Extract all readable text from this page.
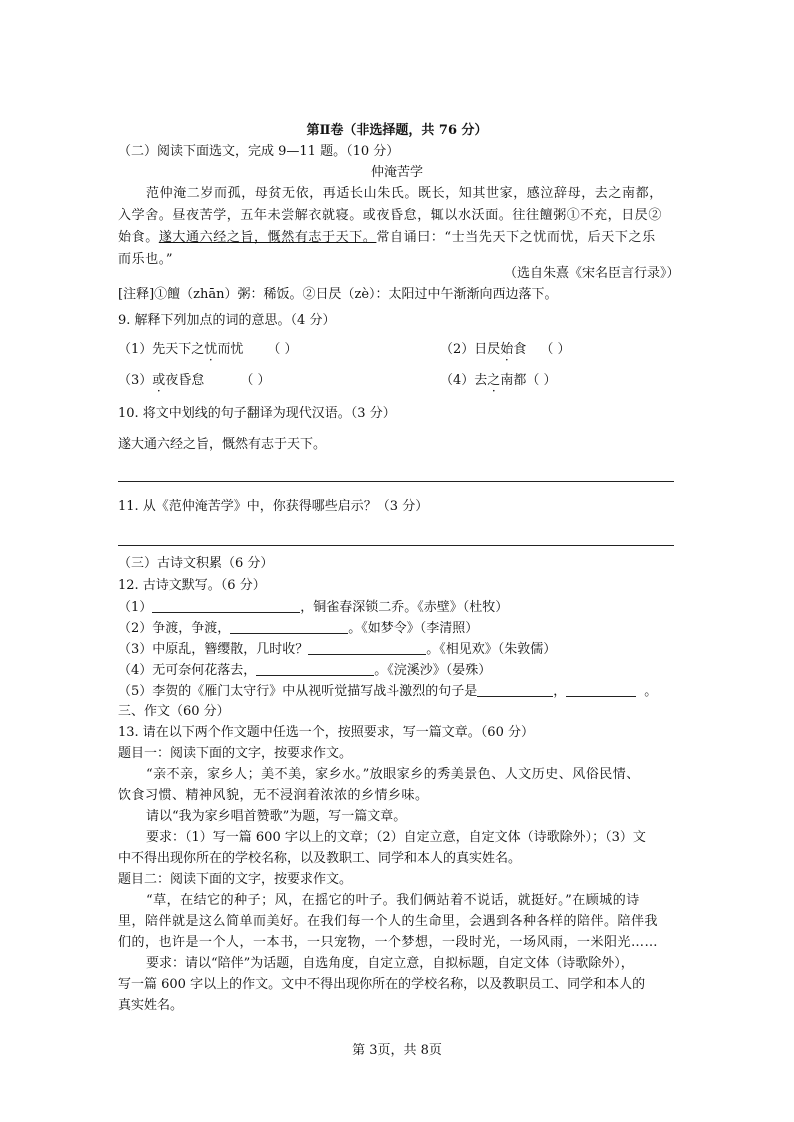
第Ⅱ卷（非选择题，共 76 分）
（二）阅读下面选文，完成 9—11 题。（10 分）
仲淹苦学
范仲淹二岁而孤，母贫无依，再适长山朱氏。既长，知其世家，感泣辞母，去之南都，
入学舍。昼夜苦学，五年未尝解衣就寝。或夜昏怠，辄以水沃面。往往饘粥①不充，日昃②
始食。遂大通六经之旨，慨然有志于天下。常自诵曰：“士当先天下之忧而忧，后天下之乐
而乐也。”
（选自朱熹《宋名臣言行录》）
[注释]①饘（zhān）粥：稀饭。②日昃（zè）：太阳过中午渐渐向西边落下。
9. 解释下列加点的词的意思。（4 分）
（1）先天下之忧而忧 （ ）	（2）日昃始食 （ ）
（3）或夜昏怠	（ ）	（4）去之南都（ ）
10. 将文中划线的句子翻译为现代汉语。（3 分）
遂大通六经之旨，慨然有志于天下。
11. 从《范仲淹苦学》中，你获得哪些启示？（3 分）
（三）古诗文积累（6 分）
12. 古诗文默写。（6 分）
（1）	，铜雀春深锁二乔。《赤壁》（杜牧）
（2）争渡，争渡，	。《如梦令》（李清照）
（3）中原乱，簪缨散，几时收？	。《相见欢》（朱敦儒）
（4）无可奈何花落去，	。《浣溪沙》（晏殊）
（5）李贺的《雁门太守行》中从视听觉描写战斗激烈的句子是	，	。
三、作文（60 分）
13. 请在以下两个作文题中任选一个，按照要求，写一篇文章。（60 分）
题目一：阅读下面的文字，按要求作文。
“亲不亲，家乡人；美不美，家乡水。”放眼家乡的秀美景色、人文历史、风俗民情、
饮食习惯、精神风貌，无不浸润着浓浓的乡情乡味。
请以“我为家乡唱首赞歌”为题，写一篇文章。
要求：（1）写一篇 600 字以上的文章；（2）自定立意，自定文体（诗歌除外）；（3）文
中不得出现你所在的学校名称，以及教职工、同学和本人的真实姓名。
题目二：阅读下面的文字，按要求作文。
“草，在结它的种子；风，在摇它的叶子。我们俩站着不说话，就挺好。”在顾城的诗
里，陪伴就是这么简单而美好。在我们每一个人的生命里，会遇到各种各样的陪伴。陪伴我
们的，也许是一个人，一本书，一只宠物，一个梦想，一段时光，一场风雨，一米阳光……
要求：请以“陪伴”为话题，自选角度，自定立意，自拟标题，自定文体（诗歌除外），
写一篇 600 字以上的作文。文中不得出现你所在的学校名称，以及教职员工、同学和本人的
真实姓名。
第 3页，共 8页
